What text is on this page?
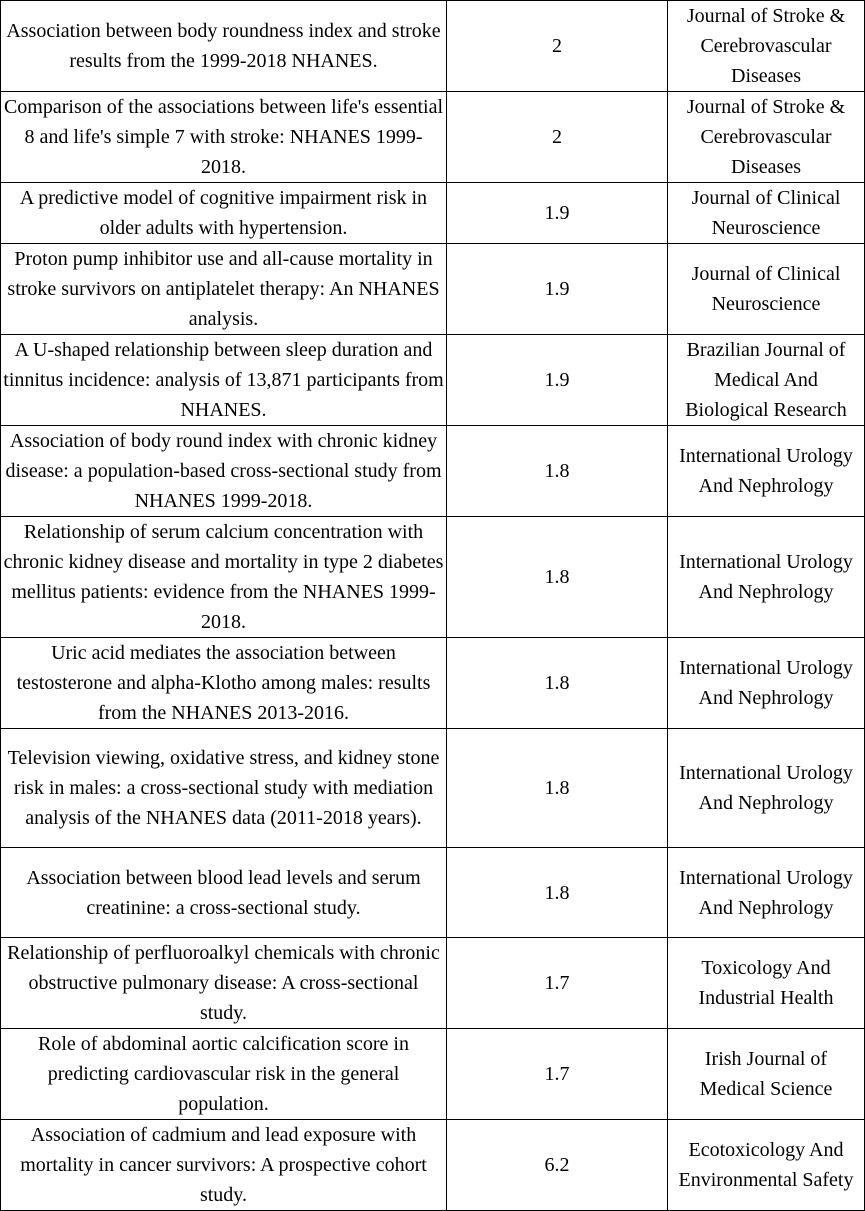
Association between body roundness index and stroke results from the 1999-2018 NHANES.	2	Journal of Stroke & Cerebrovascular Diseases
Comparison of the associations between life's essential 8 and life's simple 7 with stroke: NHANES 1999-2018.	2	Journal of Stroke & Cerebrovascular Diseases
A predictive model of cognitive impairment risk in older adults with hypertension.	1.9	Journal of Clinical Neuroscience
Proton pump inhibitor use and all-cause mortality in stroke survivors on antiplatelet therapy: An NHANES analysis.	1.9	Journal of Clinical Neuroscience
A U-shaped relationship between sleep duration and tinnitus incidence: analysis of 13,871 participants from NHANES.	1.9	Brazilian Journal of Medical And Biological Research
Association of body round index with chronic kidney disease: a population-based cross-sectional study from NHANES 1999-2018.	1.8	International Urology And Nephrology
Relationship of serum calcium concentration with chronic kidney disease and mortality in type 2 diabetes mellitus patients: evidence from the NHANES 1999-2018.	1.8	International Urology And Nephrology
Uric acid mediates the association between testosterone and alpha-Klotho among males: results from the NHANES 2013-2016.	1.8	International Urology And Nephrology
Television viewing, oxidative stress, and kidney stone risk in males: a cross-sectional study with mediation analysis of the NHANES data (2011-2018 years).	1.8	International Urology And Nephrology
Association between blood lead levels and serum creatinine: a cross-sectional study.	1.8	International Urology And Nephrology
Relationship of perfluoroalkyl chemicals with chronic obstructive pulmonary disease: A cross-sectional study.	1.7	Toxicology And Industrial Health
Role of abdominal aortic calcification score in predicting cardiovascular risk in the general population.	1.7	Irish Journal of Medical Science
Association of cadmium and lead exposure with mortality in cancer survivors: A prospective cohort study.	6.2	Ecotoxicology And Environmental Safety
